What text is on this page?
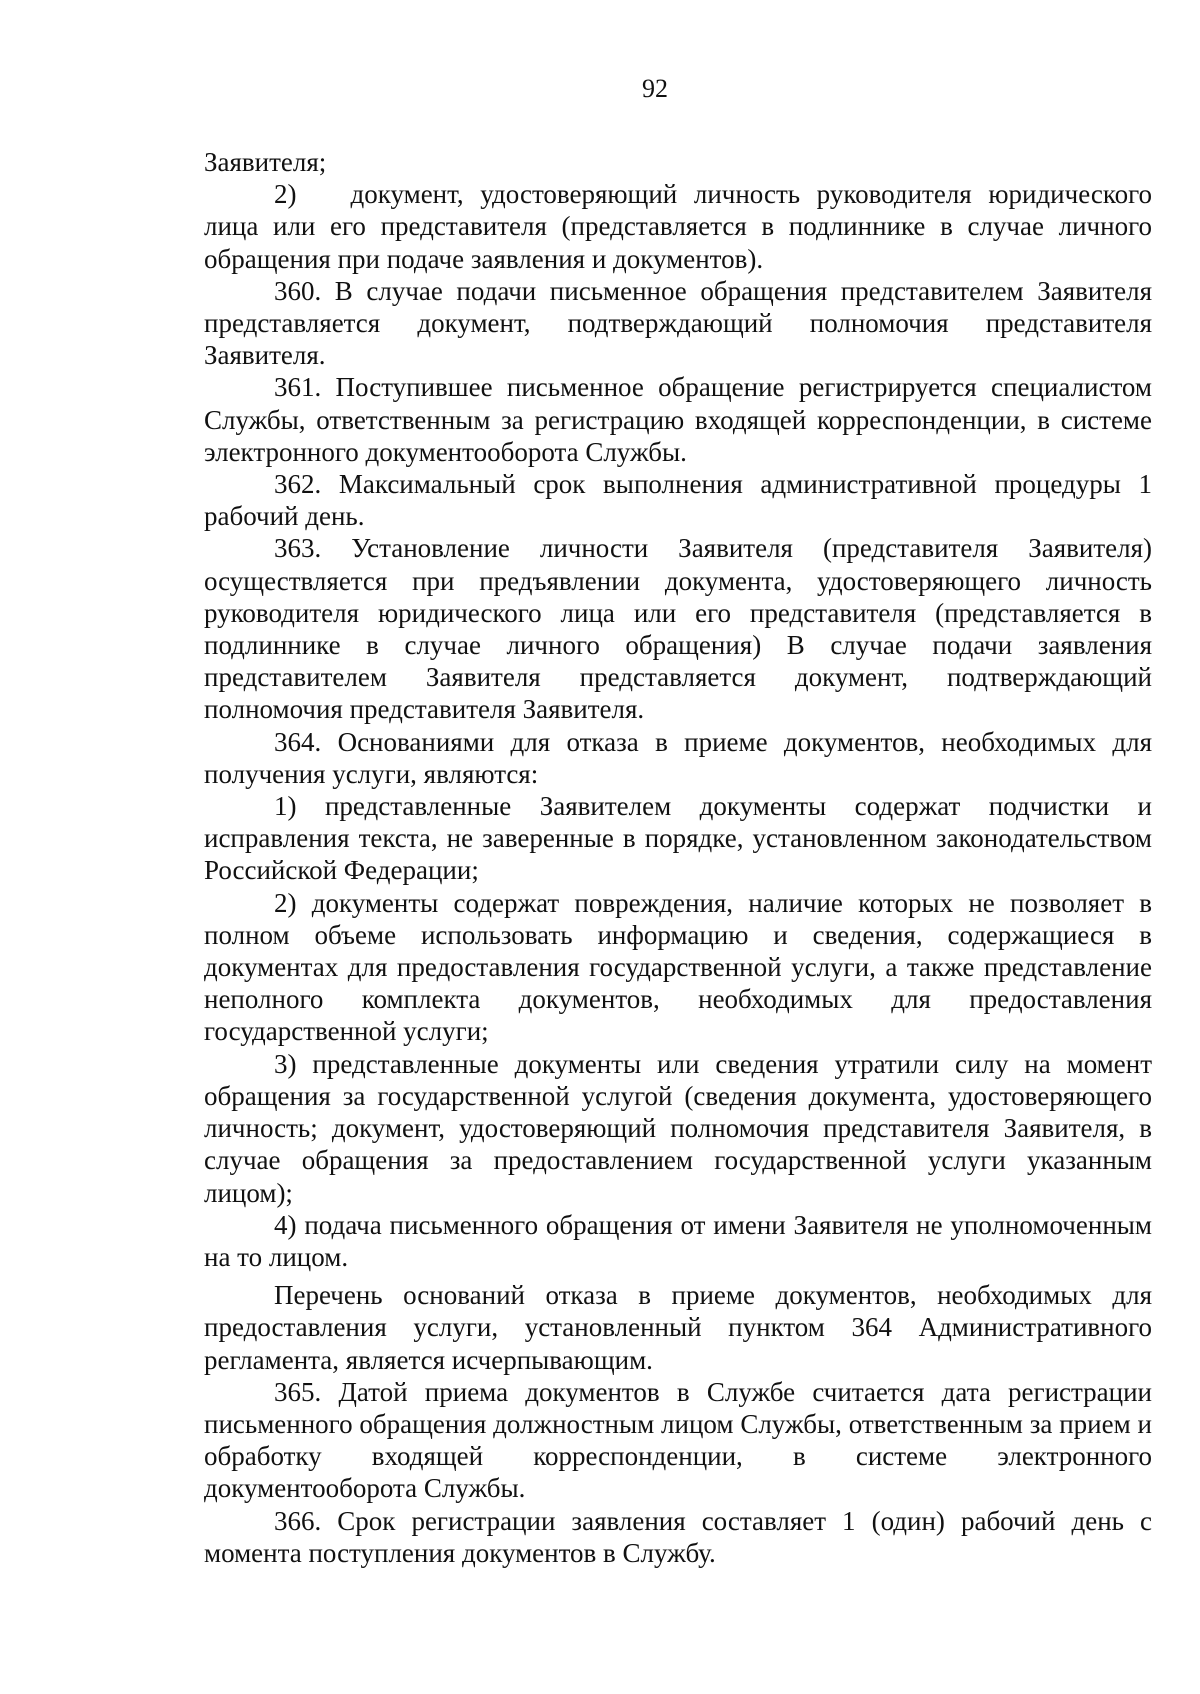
92

Заявителя;

2)  документ, удостоверяющий личность руководителя юридического лица или его представителя (представляется в подлиннике в случае личного обращения при подаче заявления и документов).

360. В случае подачи письменное обращения представителем Заявителя представляется документ, подтверждающий полномочия представителя Заявителя.

361. Поступившее письменное обращение регистрируется специалистом Службы, ответственным за регистрацию входящей корреспонденции, в системе электронного документооборота Службы.

362. Максимальный срок выполнения административной процедуры 1 рабочий день.

363. Установление личности Заявителя (представителя Заявителя) осуществляется при предъявлении документа, удостоверяющего личность руководителя юридического лица или его представителя (представляется в подлиннике в случае личного обращения) В случае подачи заявления представителем Заявителя представляется документ, подтверждающий полномочия представителя Заявителя.

364. Основаниями для отказа в приеме документов, необходимых для получения услуги, являются:

1) представленные Заявителем документы содержат подчистки и исправления текста, не заверенные в порядке, установленном законодательством Российской Федерации;

2) документы содержат повреждения, наличие которых не позволяет в полном объеме использовать информацию и сведения, содержащиеся в документах для предоставления государственной услуги, а также представление неполного комплекта документов, необходимых для предоставления государственной услуги;

3) представленные документы или сведения утратили силу на момент обращения за государственной услугой (сведения документа, удостоверяющего личность; документ, удостоверяющий полномочия представителя Заявителя, в случае обращения за предоставлением государственной услуги указанным лицом);

4) подача письменного обращения от имени Заявителя не уполномоченным на то лицом.

Перечень оснований отказа в приеме документов, необходимых для предоставления услуги, установленный пунктом 364 Административного регламента, является исчерпывающим.

365. Датой приема документов в Службе считается дата регистрации письменного обращения должностным лицом Службы, ответственным за прием и обработку входящей корреспонденции, в системе электронного документооборота Службы.

366. Срок регистрации заявления составляет 1 (один) рабочий день с момента поступления документов в Службу.
